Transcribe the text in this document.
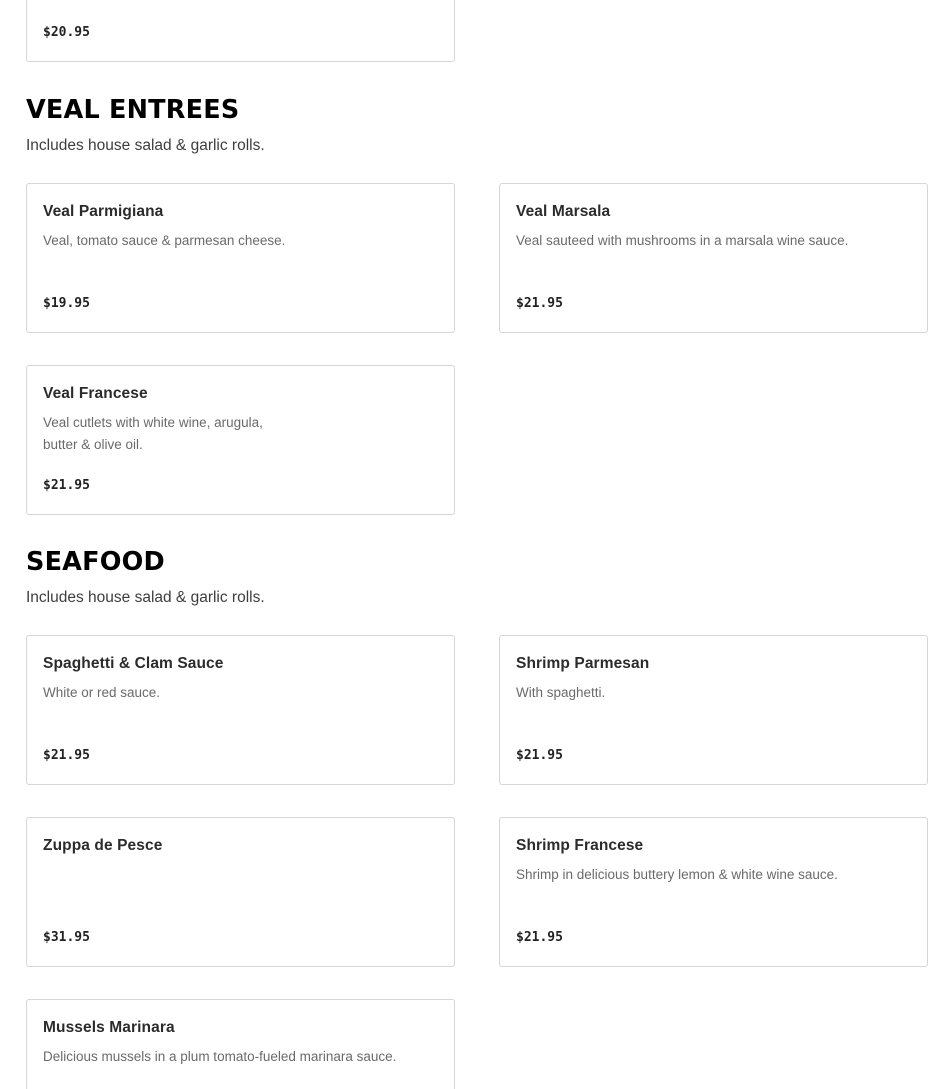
$20.95
VEAL ENTREES

Includes house salad & garlic rolls.

Veal Parmigiana
Veal, tomato sauce & parmesan cheese.
$19.95
Veal Marsala
Veal sauteed with mushrooms in a marsala wine sauce.
$21.95
Veal Francese
Veal cutlets with white wine, arugula,
butter & olive oil.
$21.95
SEAFOOD

Includes house salad & garlic rolls.

Spaghetti & Clam Sauce
White or red sauce.
$21.95
Shrimp Parmesan
With spaghetti.
$21.95
Zuppa de Pesce
$31.95
Shrimp Francese
Shrimp in delicious buttery lemon & white wine sauce.
$21.95
Mussels Marinara
Delicious mussels in a plum tomato-fueled marinara sauce.
